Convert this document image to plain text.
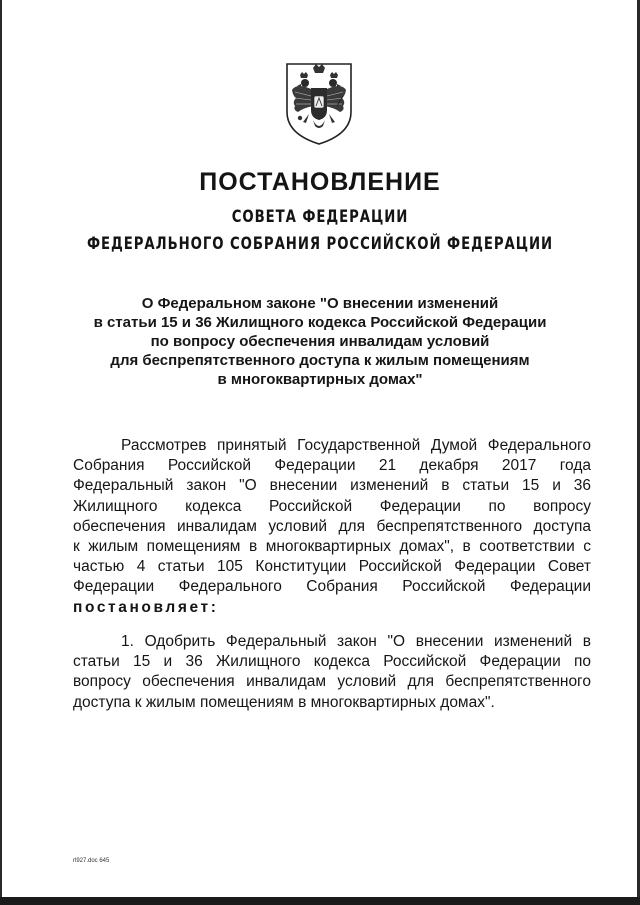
ПОСТАНОВЛЕНИЕ
СОВЕТА ФЕДЕРАЦИИ
ФЕДЕРАЛЬНОГО СОБРАНИЯ РОССИЙСКОЙ ФЕДЕРАЦИИ
О Федеральном законе "О внесении изменений
в статьи 15 и 36 Жилищного кодекса Российской Федерации
по вопросу обеспечения инвалидам условий
для беспрепятственного доступа к жилым помещениям
в многоквартирных домах"
Рассмотрев принятый Государственной Думой Федерального
Собрания Российской Федерации 21 декабря 2017 года
Федеральный закон "О внесении изменений в статьи 15 и 36
Жилищного кодекса Российской Федерации по вопросу
обеспечения инвалидам условий для беспрепятственного доступа
к жилым помещениям в многоквартирных домах", в соответствии с
частью 4 статьи 105 Конституции Российской Федерации Совет
Федерации Федерального Собрания Российской Федерации
постановляет:
1. Одобрить Федеральный закон "О внесении изменений в
статьи 15 и 36 Жилищного кодекса Российской Федерации по
вопросу обеспечения инвалидам условий для беспрепятственного
доступа к жилым помещениям в многоквартирных домах".
rl927.doc 645
